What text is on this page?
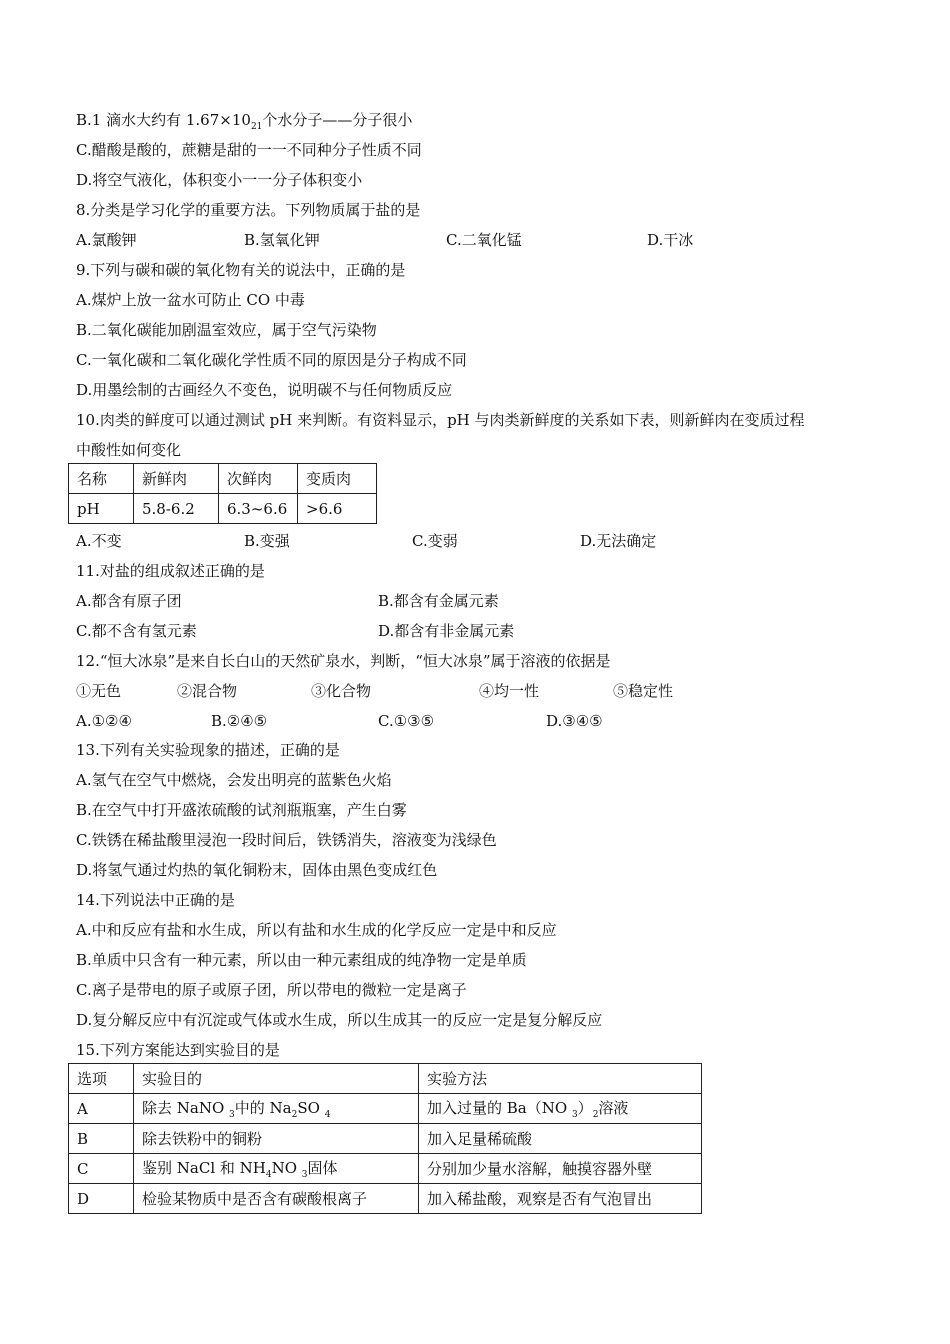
B.1 滴水大约有 $1.67\times 10_{21}$个水分子——分子很小
C.醋酸是酸的，蔗糖是甜的一一不同种分子性质不同
D.将空气液化，体积变小一一分子体积变小
8.分类是学习化学的重要方法。下列物质属于盐的是
A.氯酸钾	B.氢氧化钾	C.二氧化锰	D.干冰
9.下列与碳和碳的氧化物有关的说法中，正确的是
A.煤炉上放一盆水可防止 CO 中毒
B.二氧化碳能加剧温室效应，属于空气污染物
C.一氧化碳和二氧化碳化学性质不同的原因是分子构成不同
D.用墨绘制的古画经久不变色，说明碳不与任何物质反应
10.肉类的鲜度可以通过测试 pH 来判断。有资料显示，pH 与肉类新鲜度的关系如下表，则新鲜肉在变质过程
中酸性如何变化
名称	新鲜肉	次鲜肉	变质肉
pH	5.8-6.2	6.3~6.6	>6.6
A.不变	B.变强	C.变弱	D.无法确定
11.对盐的组成叙述正确的是
A.都含有原子团	B.都含有金属元素
C.都不含有氢元素	D.都含有非金属元素
12.“恒大冰泉”是来自长白山的天然矿泉水，判断，“恒大冰泉”属于溶液的依据是
①无色	②混合物	③化合物	④均一性	⑤稳定性
A.①②④	B.②④⑤	C.①③⑤	D.③④⑤
13.下列有关实验现象的描述，正确的是
A.氢气在空气中燃烧，会发出明亮的蓝紫色火焰
B.在空气中打开盛浓硫酸的试剂瓶瓶塞，产生白雾
C.铁锈在稀盐酸里浸泡一段时间后，铁锈消失，溶液变为浅绿色
D.将氢气通过灼热的氧化铜粉末，固体由黑色变成红色
14.下列说法中正确的是
A.中和反应有盐和水生成，所以有盐和水生成的化学反应一定是中和反应
B.单质中只含有一种元素，所以由一种元素组成的纯净物一定是单质
C.离子是带电的原子或原子团，所以带电的微粒一定是离子
D.复分解反应中有沉淀或气体或水生成，所以生成其一的反应一定是复分解反应
15.下列方案能达到实验目的是
选项	实验目的	实验方法
A	除去 NaNO $_3$中的 $Na_2SO$ $_4$	加入过量的 Ba（NO $_3)_2$溶液
B	除去铁粉中的铜粉	加入足量稀硫酸
C	鉴别 NaCl 和 $NH_4NO$ $_3$固体	分别加少量水溶解，触摸容器外壁
D	检验某物质中是否含有碳酸根离子	加入稀盐酸，观察是否有气泡冒出
